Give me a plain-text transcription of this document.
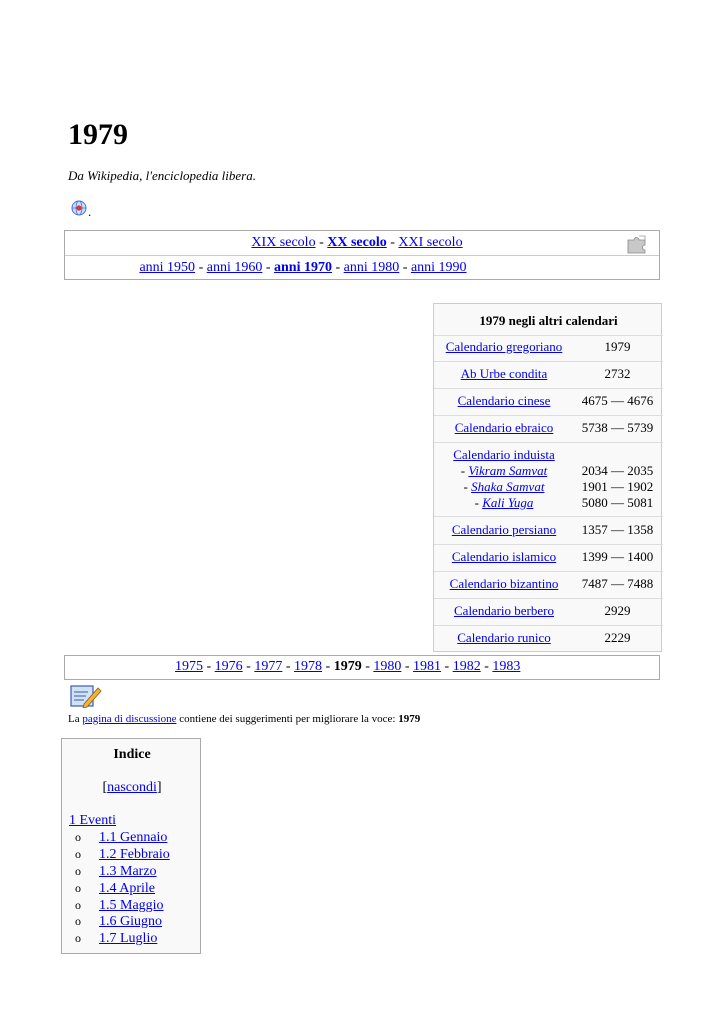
1979
Da Wikipedia, l'enciclopedia libera.
.
XIX secolo - XX secolo - XXI secolo
anni 1950 - anni 1960 - anni 1970 - anni 1980 - anni 1990
1979 negli altri calendari
Calendario gregoriano	1979
Ab Urbe condita	2732
Calendario cinese	4675 — 4676
Calendario ebraico	5738 — 5739
Calendario induista
- Vikram Samvat	2034 — 2035
- Shaka Samvat	1901 — 1902
- Kali Yuga	5080 — 5081
Calendario persiano	1357 — 1358
Calendario islamico	1399 — 1400
Calendario bizantino	7487 — 7488
Calendario berbero	2929
Calendario runico	2229
1975 - 1976 - 1977 - 1978 - 1979 - 1980 - 1981 - 1982 - 1983
La pagina di discussione contiene dei suggerimenti per migliorare la voce: 1979
Indice
[nascondi]
1 Eventi
o 1.1 Gennaio
o 1.2 Febbraio
o 1.3 Marzo
o 1.4 Aprile
o 1.5 Maggio
o 1.6 Giugno
o 1.7 Luglio
